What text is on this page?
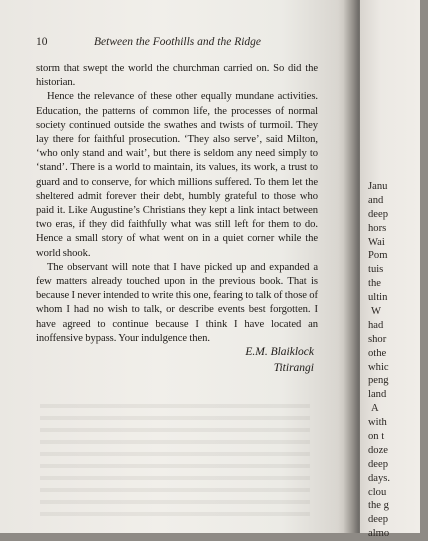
10	Between the Foothills and the Ridge

storm that swept the world the churchman carried on. So did the historian.

Hence the relevance of these other equally mundane activities. Education, the patterns of common life, the processes of normal society continued outside the swathes and twists of turmoil. They lay there for faithful prosecution. ‘They also serve’, said Milton, ‘who only stand and wait’, but there is seldom any need simply to ‘stand’. There is a world to maintain, its values, its work, a trust to guard and to conserve, for which millions suffered. To them let the sheltered admit forever their debt, humbly grateful to those who paid it. Like Augustine’s Christians they kept a link intact between two eras, if they did faithfully what was still left for them to do. Hence a small story of what went on in a quiet corner while the world shook.

The observant will note that I have picked up and expanded a few matters already touched upon in the previous book. That is because I never intended to write this one, fearing to talk of those of whom I had no wish to talk, or describe events best forgotten. I have agreed to continue because I think I have located an inoffensive bypass. Your indulgence then.

E.M. Blaiklock
Titirangi
Janu
and
deep
hors
Wai
Pom
tuis
the
ultin
W
had
shor
othe
whic
peng
land
A
with
on t
doze
deep
days.
clou
the g
deep
almo
